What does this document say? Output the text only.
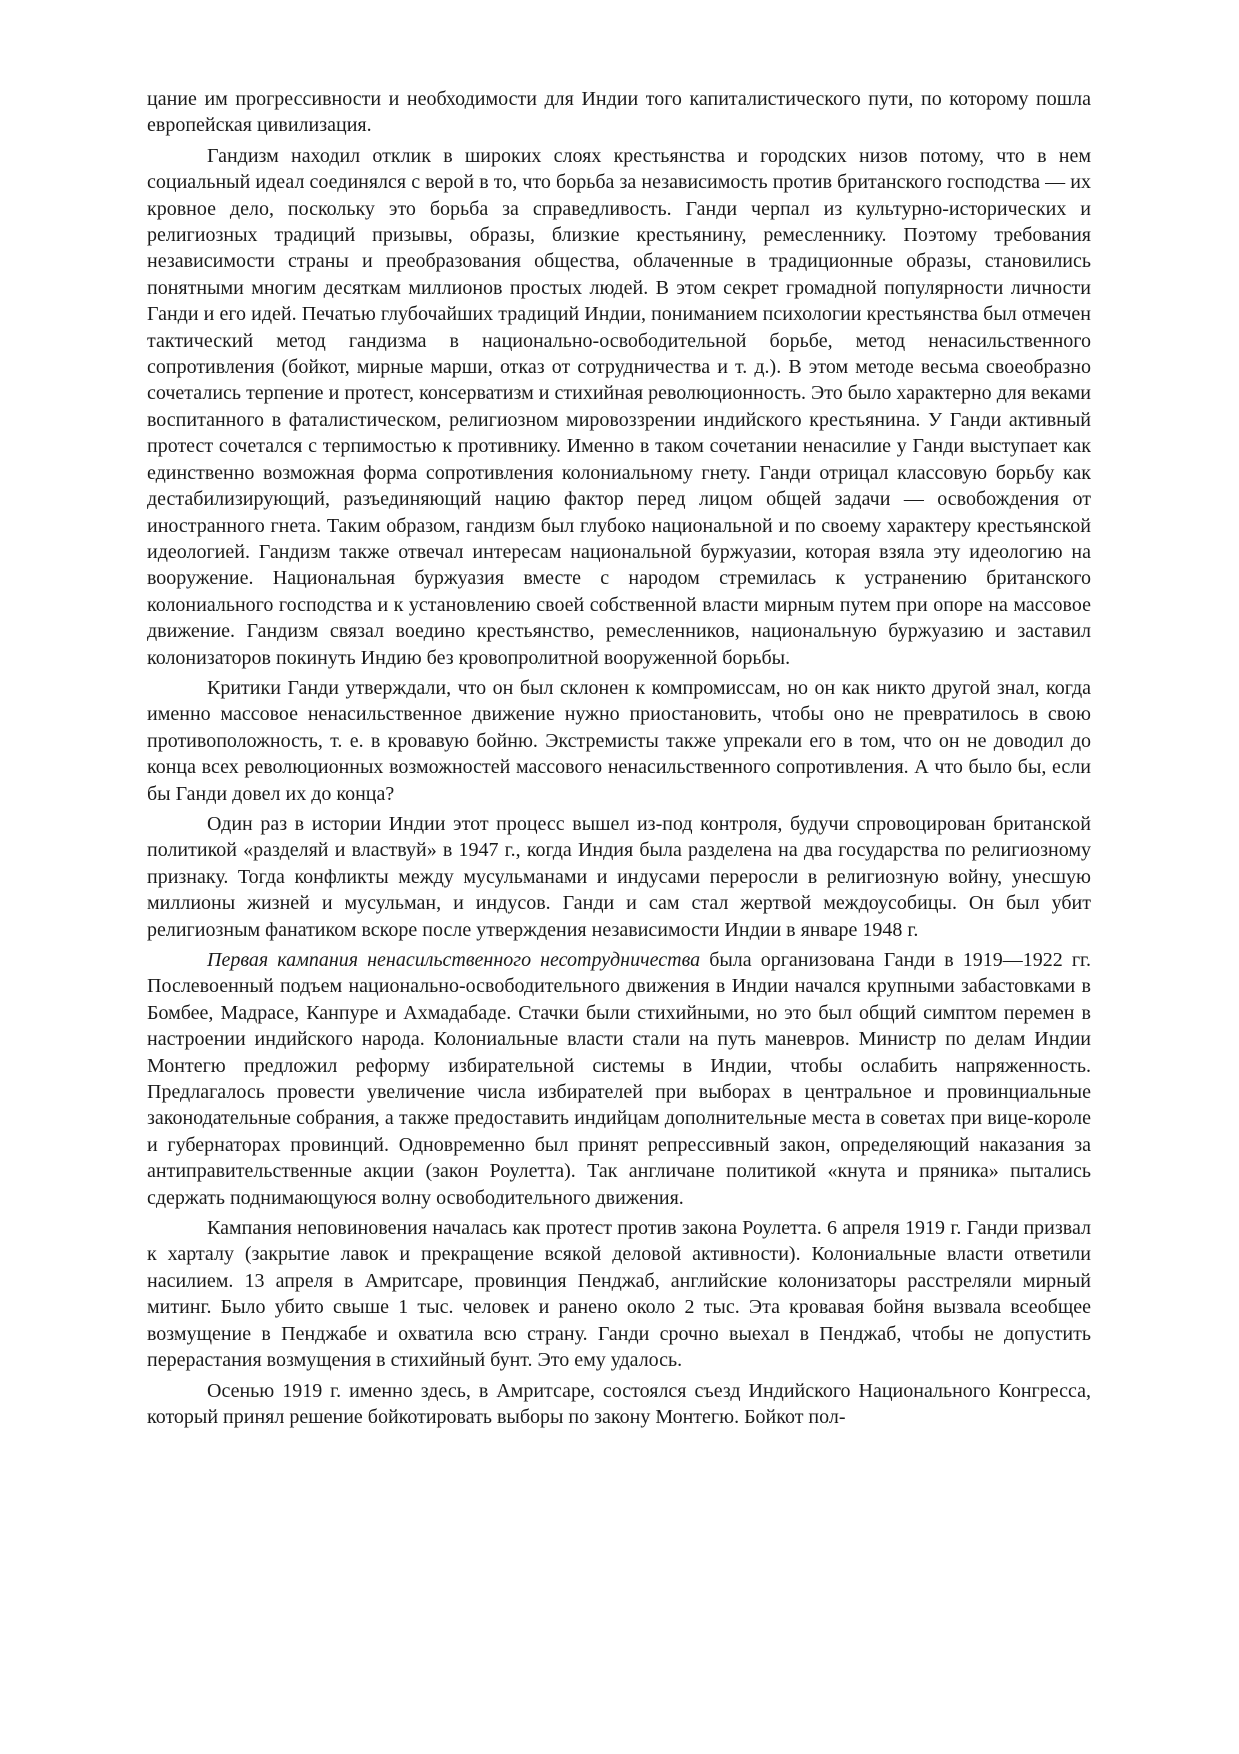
цание им прогрессивности и необходимости для Индии того капиталистического пути, по которому пошла европейская цивилизация.

Гандизм находил отклик в широких слоях крестьянства и городских низов потому, что в нем социальный идеал соединялся с верой в то, что борьба за независимость против британского господства — их кровное дело, поскольку это борьба за справедливость. Ганди черпал из культурно-исторических и религиозных традиций призывы, образы, близкие крестьянину, ремесленнику. Поэтому требования независимости страны и преобразования общества, облаченные в традиционные образы, становились понятными многим десяткам миллионов простых людей. В этом секрет громадной популярности личности Ганди и его идей. Печатью глубочайших традиций Индии, пониманием психологии крестьянства был отмечен тактический метод гандизма в национально-освободительной борьбе, метод ненасильственного сопротивления (бойкот, мирные марши, отказ от сотрудничества и т. д.). В этом методе весьма своеобразно сочетались терпение и протест, консерватизм и стихийная революционность. Это было характерно для веками воспитанного в фаталистическом, религиозном мировоззрении индийского крестьянина. У Ганди активный протест сочетался с терпимостью к противнику. Именно в таком сочетании ненасилие у Ганди выступает как единственно возможная форма сопротивления колониальному гнету. Ганди отрицал классовую борьбу как дестабилизирующий, разъединяющий нацию фактор перед лицом общей задачи — освобождения от иностранного гнета. Таким образом, гандизм был глубоко национальной и по своему характеру крестьянской идеологией. Гандизм также отвечал интересам национальной буржуазии, которая взяла эту идеологию на вооружение. Национальная буржуазия вместе с народом стремилась к устранению британского колониального господства и к установлению своей собственной власти мирным путем при опоре на массовое движение. Гандизм связал воедино крестьянство, ремесленников, национальную буржуазию и заставил колонизаторов покинуть Индию без кровопролитной вооруженной борьбы.

Критики Ганди утверждали, что он был склонен к компромиссам, но он как никто другой знал, когда именно массовое ненасильственное движение нужно приостановить, чтобы оно не превратилось в свою противоположность, т. е. в кровавую бойню. Экстремисты также упрекали его в том, что он не доводил до конца всех революционных возможностей массового ненасильственного сопротивления. А что было бы, если бы Ганди довел их до конца?

Один раз в истории Индии этот процесс вышел из-под контроля, будучи спровоцирован британской политикой «разделяй и властвуй» в 1947 г., когда Индия была разделена на два государства по религиозному признаку. Тогда конфликты между мусульманами и индусами переросли в религиозную войну, унесшую миллионы жизней и мусульман, и индусов. Ганди и сам стал жертвой междоусобицы. Он был убит религиозным фанатиком вскоре после утверждения независимости Индии в январе 1948 г.

Первая кампания ненасильственного несотрудничества была организована Ганди в 1919—1922 гг. Послевоенный подъем национально-освободительного движения в Индии начался крупными забастовками в Бомбее, Мадрасе, Канпуре и Ахмадабаде. Стачки были стихийными, но это был общий симптом перемен в настроении индийского народа. Колониальные власти стали на путь маневров. Министр по делам Индии Монтегю предложил реформу избирательной системы в Индии, чтобы ослабить напряженность. Предлагалось провести увеличение числа избирателей при выборах в центральное и провинциальные законодательные собрания, а также предоставить индийцам дополнительные места в советах при вице-короле и губернаторах провинций. Одновременно был принят репрессивный закон, определяющий наказания за антиправительственные акции (закон Роулетта). Так англичане политикой «кнута и пряника» пытались сдержать поднимающуюся волну освободительного движения.

Кампания неповиновения началась как протест против закона Роулетта. 6 апреля 1919 г. Ганди призвал к харталу (закрытие лавок и прекращение всякой деловой активности). Колониальные власти ответили насилием. 13 апреля в Амритсаре, провинция Пенджаб, английские колонизаторы расстреляли мирный митинг. Было убито свыше 1 тыс. человек и ранено около 2 тыс. Эта кровавая бойня вызвала всеобщее возмущение в Пенджабе и охватила всю страну. Ганди срочно выехал в Пенджаб, чтобы не допустить перерастания возмущения в стихийный бунт. Это ему удалось.

Осенью 1919 г. именно здесь, в Амритсаре, состоялся съезд Индийского Национального Конгресса, который принял решение бойкотировать выборы по закону Монтегю. Бойкот пол-
